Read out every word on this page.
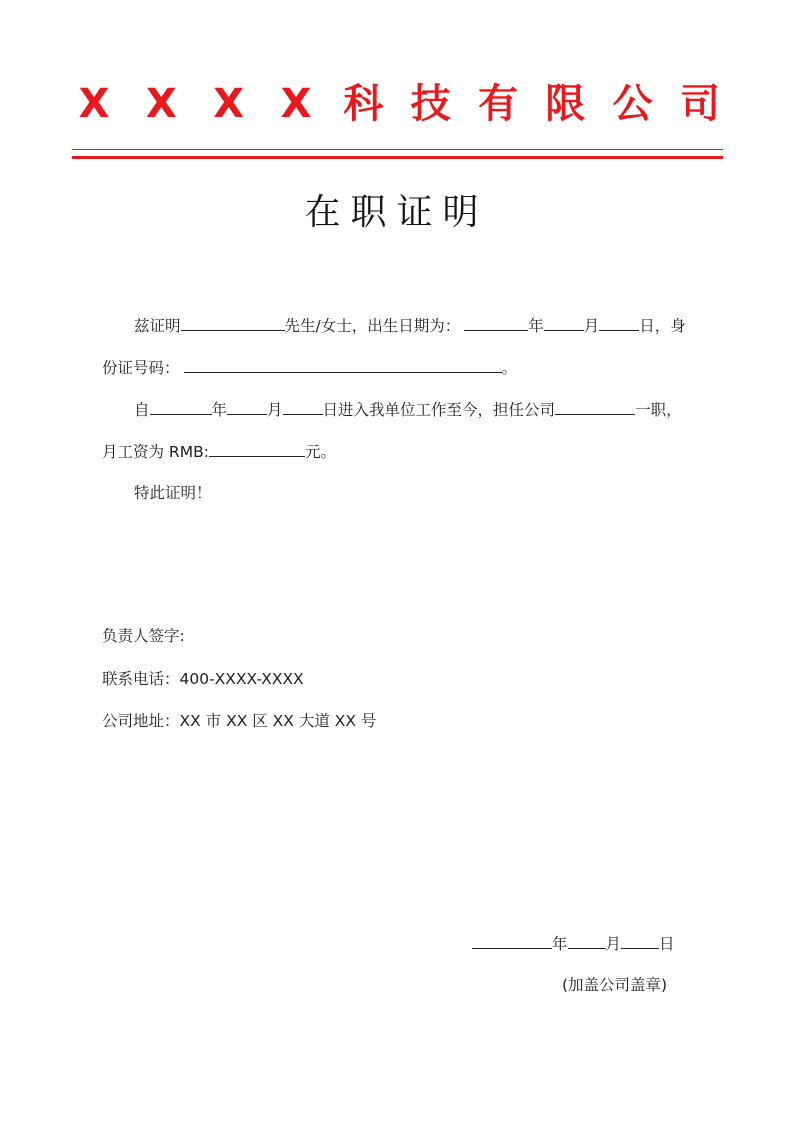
X X X X 科 技 有 限 公 司
在职证明
兹证明	先生/女士，出生日期为：	年	月	日，身
份证号码：	。
自	年	月	日进入我单位工作至今，担任公司	一职，
月工资为 RMB:	元。
特此证明！
负责人签字:
联系电话：400-XXXX-XXXX
公司地址：XX 市 XX 区 XX 大道 XX 号
年 月 日
(加盖公司盖章)
